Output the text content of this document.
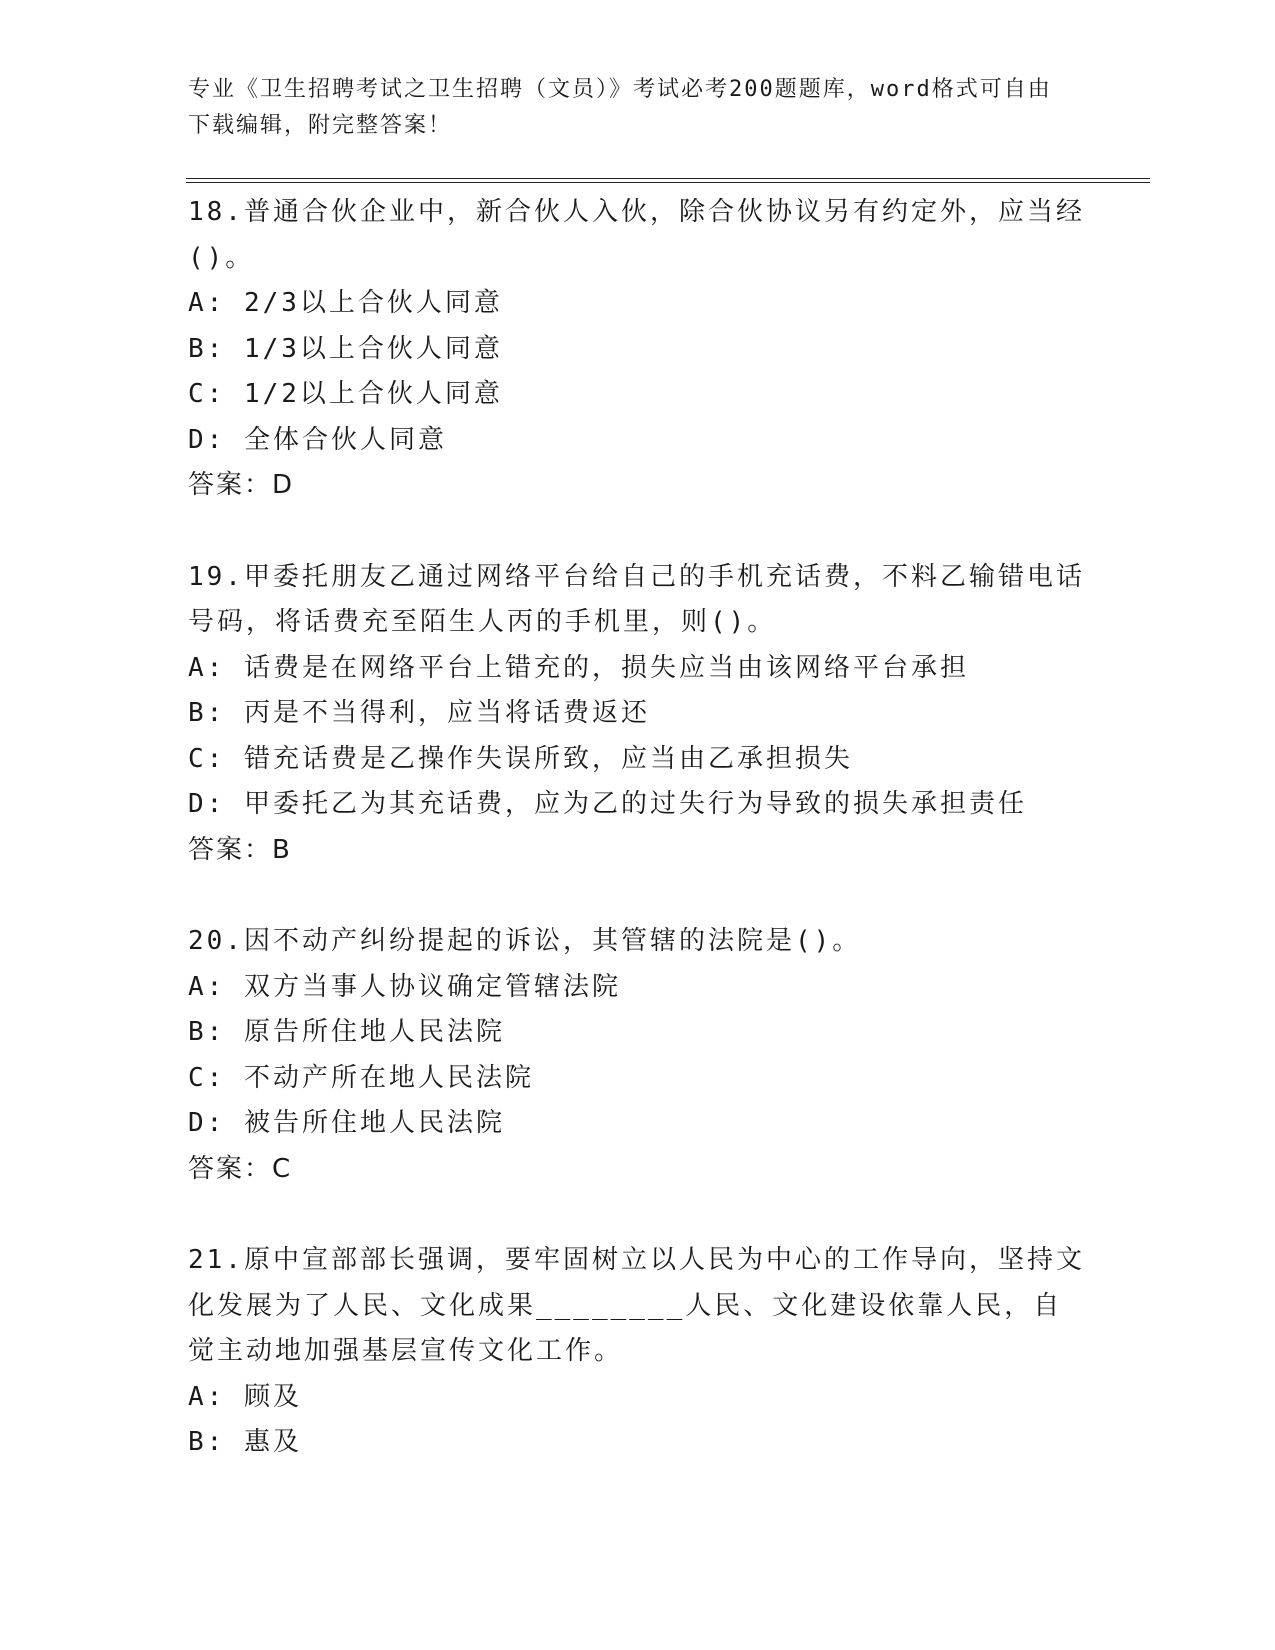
专业《卫生招聘考试之卫生招聘（文员）》考试必考200题题库，word格式可自由下载编辑，附完整答案！

18.普通合伙企业中，新合伙人入伙，除合伙协议另有约定外，应当经()。

A: 2/3以上合伙人同意

B: 1/3以上合伙人同意

C: 1/2以上合伙人同意

D: 全体合伙人同意

答案：D

19.甲委托朋友乙通过网络平台给自己的手机充话费，不料乙输错电话号码，将话费充至陌生人丙的手机里，则()。

A: 话费是在网络平台上错充的，损失应当由该网络平台承担

B: 丙是不当得利，应当将话费返还

C: 错充话费是乙操作失误所致，应当由乙承担损失

D: 甲委托乙为其充话费，应为乙的过失行为导致的损失承担责任

答案：B

20.因不动产纠纷提起的诉讼，其管辖的法院是()。

A: 双方当事人协议确定管辖法院

B: 原告所住地人民法院

C: 不动产所在地人民法院

D: 被告所住地人民法院

答案：C

21.原中宣部部长强调，要牢固树立以人民为中心的工作导向，坚持文化发展为了人民、文化成果________人民、文化建设依靠人民，自觉主动地加强基层宣传文化工作。

A: 顾及

B: 惠及
